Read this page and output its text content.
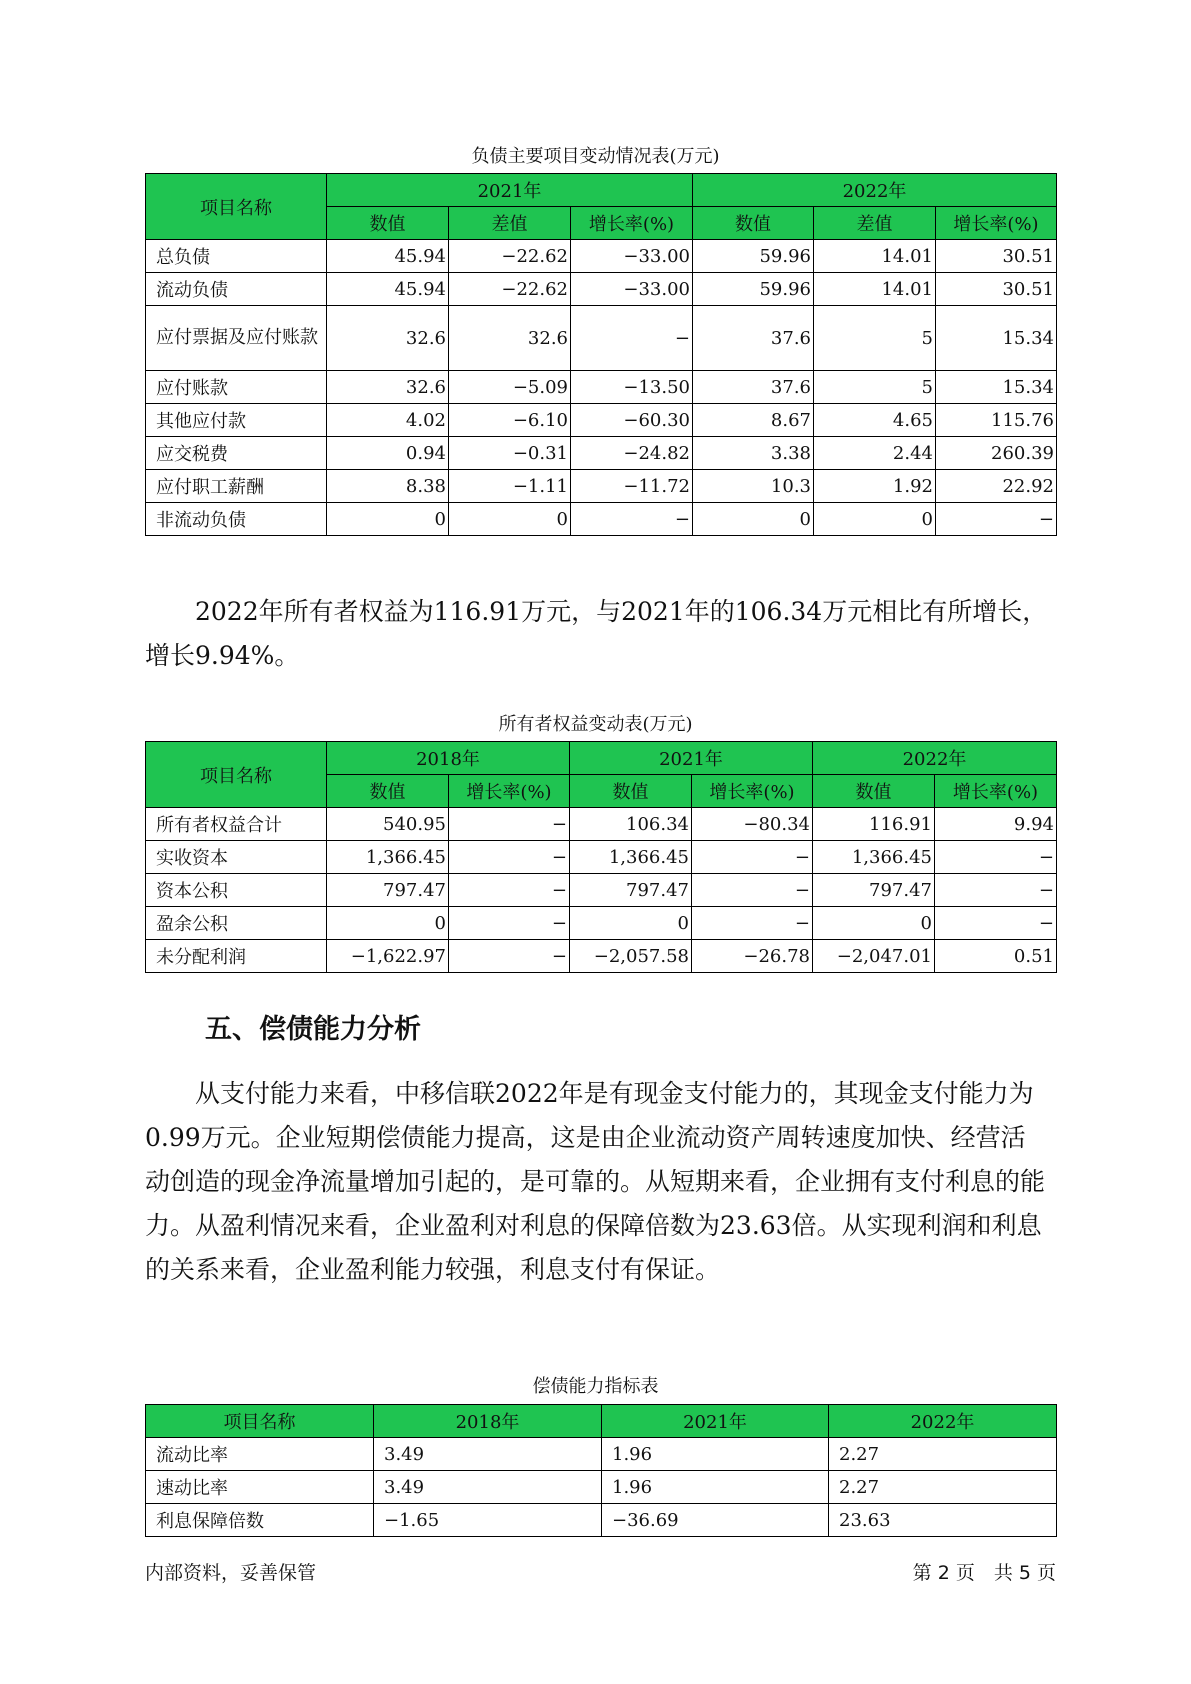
负债主要项目变动情况表(万元)
项目名称	2021年			2022年		
	数值	差值	增长率(%)	数值	差值	增长率(%)
总负债	45.94	−22.62	−33.00	59.96	14.01	30.51
流动负债	45.94	−22.62	−33.00	59.96	14.01	30.51
应付票据及应付账款	32.6	32.6	−	37.6	5	15.34
应付账款	32.6	−5.09	−13.50	37.6	5	15.34
其他应付款	4.02	−6.10	−60.30	8.67	4.65	115.76
应交税费	0.94	−0.31	−24.82	3.38	2.44	260.39
应付职工薪酬	8.38	−1.11	−11.72	10.3	1.92	22.92
非流动负债	0	0	−	0	0	−

2022年所有者权益为116.91万元，与2021年的106.34万元相比有所增长，增长9.94%。

所有者权益变动表(万元)
项目名称	2018年		2021年		2022年	
	数值	增长率(%)	数值	增长率(%)	数值	增长率(%)
所有者权益合计	540.95	−	106.34	−80.34	116.91	9.94
实收资本	1,366.45	−	1,366.45	−	1,366.45	−
资本公积	797.47	−	797.47	−	797.47	−
盈余公积	0	−	0	−	0	−
未分配利润	−1,622.97	−	−2,057.58	−26.78	−2,047.01	0.51
五、偿债能力分析

从支付能力来看，中移信联2022年是有现金支付能力的，其现金支付能力为0.99万元。企业短期偿债能力提高，这是由企业流动资产周转速度加快、经营活动创造的现金净流量增加引起的，是可靠的。从短期来看，企业拥有支付利息的能力。从盈利情况来看，企业盈利对利息的保障倍数为23.63倍。从实现利润和利息的关系来看，企业盈利能力较强，利息支付有保证。

偿债能力指标表
项目名称	2018年	2021年	2022年
流动比率	3.49	1.96	2.27
速动比率	3.49	1.96	2.27
利息保障倍数	−1.65	−36.69	23.63
内部资料，妥善保管	第 2 页　共 5 页
